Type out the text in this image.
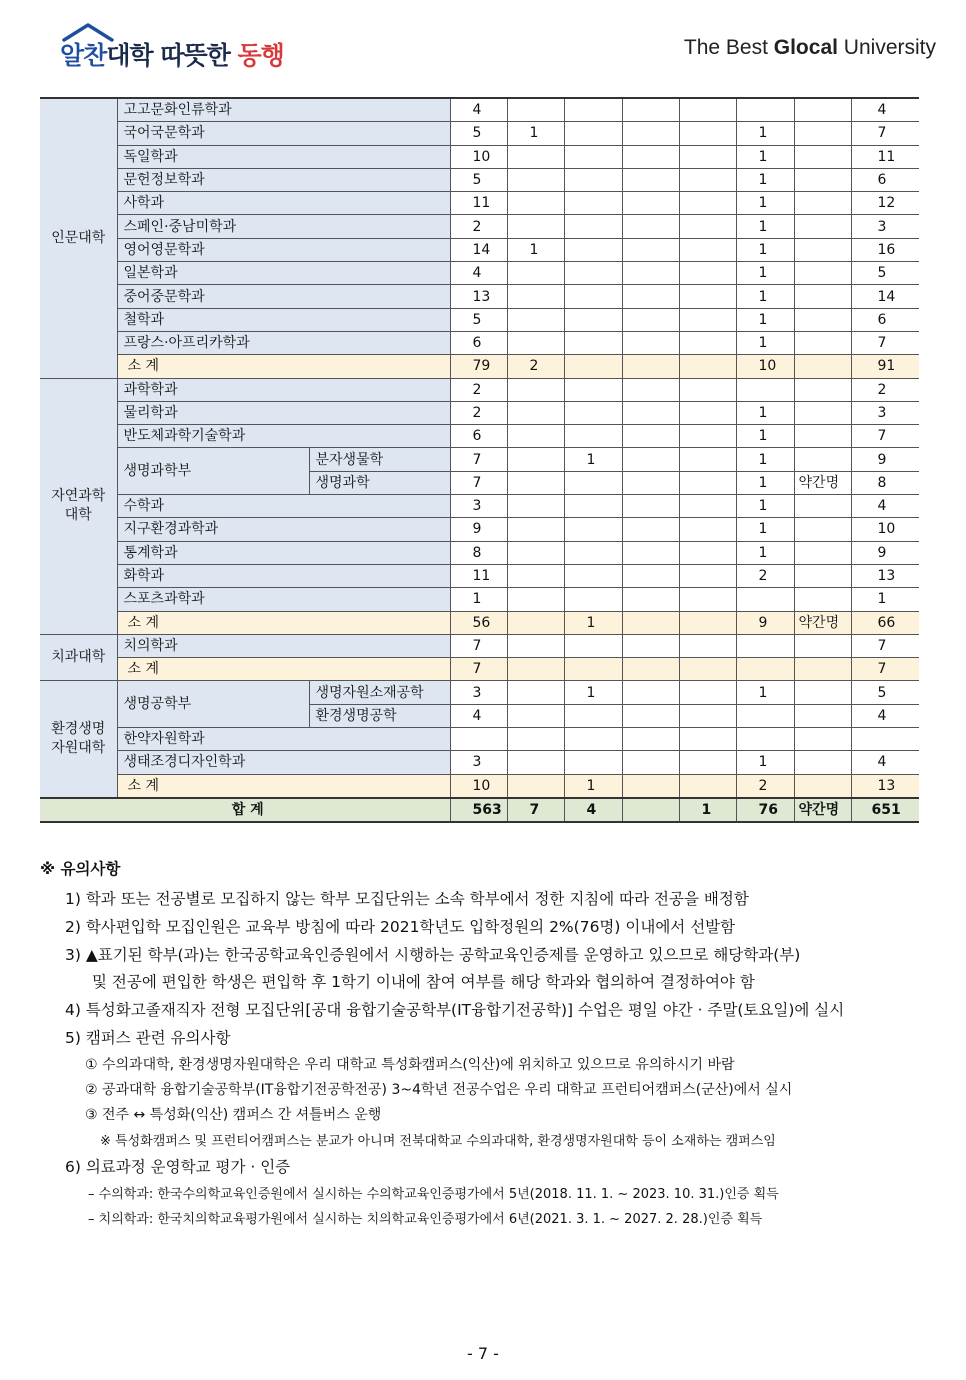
알찬대학 따뜻한 동행	The Best Glocal University
인문대학	고고문화인류학과		4							4
	국어국문학과		5	1				1		7
	독일학과		10					1		11
	문헌정보학과		5					1		6
	사학과		11					1		12
	스페인·중남미학과		2					1		3
	영어영문학과		14	1				1		16
	일본학과		4					1		5
	중어중문학과		13					1		14
	철학과		5					1		6
	프랑스·아프리카학과		6					1		7
	소 계		79	2				10		91
자연과학
대학	과학학과		2							2
	물리학과		2					1		3
	반도체과학기술학과		6					1		7
	생명과학부	분자생물학	7		1			1		9
		생명과학	7					1	약간명	8
	수학과		3					1		4
	지구환경과학과		9					1		10
	통계학과		8					1		9
	화학과		11					2		13
	스포츠과학과		1							1
	소 계		56		1			9	약간명	66
치과대학	치의학과		7							7
	소 계		7							7
환경생명
자원대학	생명공학부	생명자원소재공학	3		1			1		5
		환경생명공학	4							4
	한약자원학과									
	생태조경디자인학과		3					1		4
	소 계		10		1			2		13
합 계			563	7	4		1	76	약간명	651
※ 유의사항
1) 학과 또는 전공별로 모집하지 않는 학부 모집단위는 소속 학부에서 정한 지침에 따라 전공을 배정함
2) 학사편입학 모집인원은 교육부 방침에 따라 2021학년도 입학정원의 2%(76명) 이내에서 선발함
3) ▲표기된 학부(과)는 한국공학교육인증원에서 시행하는 공학교육인증제를 운영하고 있으므로 해당학과(부)
및 전공에 편입한 학생은 편입학 후 1학기 이내에 참여 여부를 해당 학과와 협의하여 결정하여야 함
4) 특성화고졸재직자 전형 모집단위[공대 융합기술공학부(IT융합기전공학)] 수업은 평일 야간 · 주말(토요일)에 실시
5) 캠퍼스 관련 유의사항
① 수의과대학, 환경생명자원대학은 우리 대학교 특성화캠퍼스(익산)에 위치하고 있으므로 유의하시기 바람
② 공과대학 융합기술공학부(IT융합기전공학전공) 3~4학년 전공수업은 우리 대학교 프런티어캠퍼스(군산)에서 실시
③ 전주 ↔ 특성화(익산) 캠퍼스 간 셔틀버스 운행
※ 특성화캠퍼스 및 프런티어캠퍼스는 분교가 아니며 전북대학교 수의과대학, 환경생명자원대학 등이 소재하는 캠퍼스임
6) 의료과정 운영학교 평가 · 인증
– 수의학과: 한국수의학교육인증원에서 실시하는 수의학교육인증평가에서 5년(2018. 11. 1. ~ 2023. 10. 31.)인증 획득
– 치의학과: 한국치의학교육평가원에서 실시하는 치의학교육인증평가에서 6년(2021. 3. 1. ~ 2027. 2. 28.)인증 획득
- 7 -
